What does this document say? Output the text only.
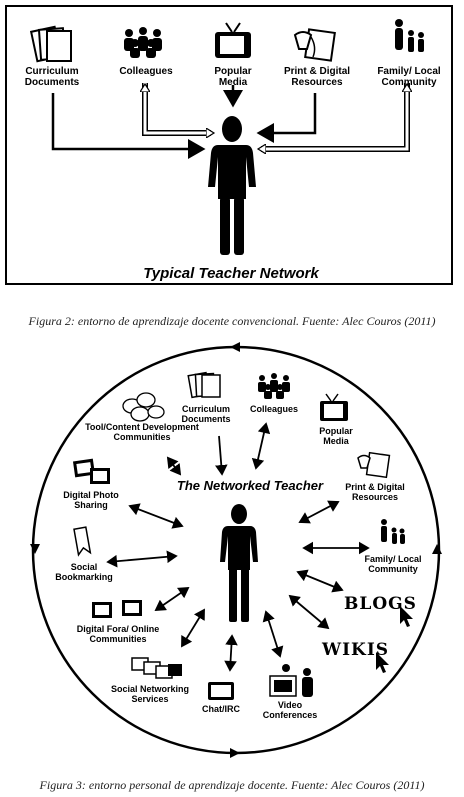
Curriculum Documents
Colleagues	Popular Media
Print & Digital Resources
Family/ Local Community
Typical Teacher Network
Figura 2: entorno de aprendizaje docente convencional. Fuente: Alec Couros (2011)
The Networked Teacher
Curriculum Documents
Colleagues
Popular Media
Print & Digital Resources
Family/ Local Community
BLOGS
WIKIS
Video Conferences
Chat/IRC
Social Networking Services
Digital Fora/ Online Communities
Social Bookmarking
Digital Photo Sharing
Tool/Content Development Communities
Figura 3: entorno personal de aprendizaje docente. Fuente: Alec Couros (2011)
